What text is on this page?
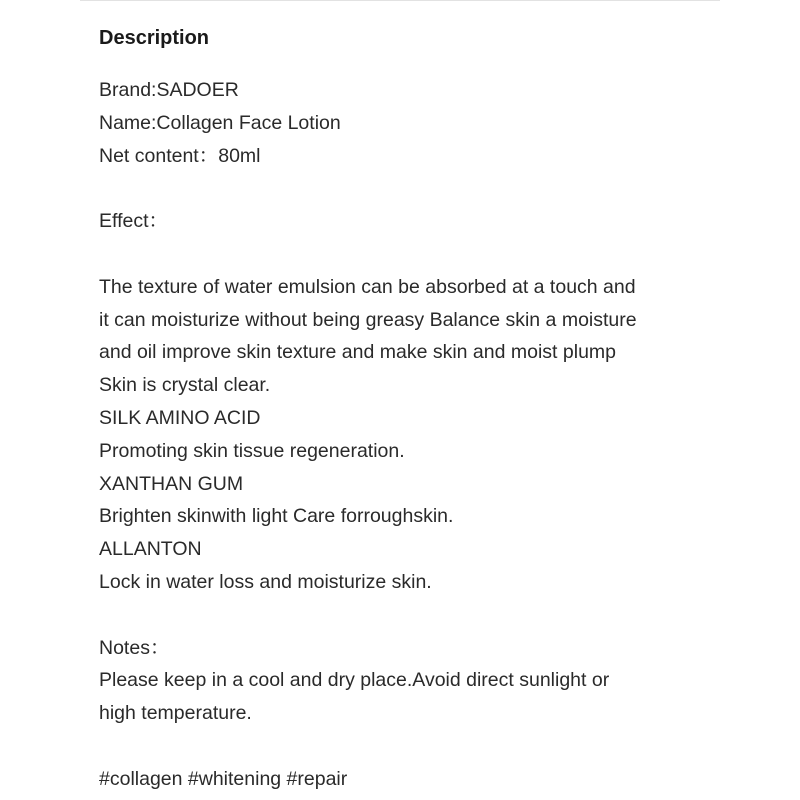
Description
Brand:SADOER
Name:Collagen Face Lotion
Net content：80ml
Effect：
The texture of water emulsion can be absorbed at a touch and
it can moisturize without being greasy Balance skin a moisture
and oil improve skin texture and make skin and moist plump
Skin is crystal clear.
SILK AMINO ACID
Promoting skin tissue regeneration.
XANTHAN GUM
Brighten skinwith light Care forroughskin.
ALLANTON
Lock in water loss and moisturize skin.
Notes：
Please keep in a cool and dry place.Avoid direct sunlight or
high temperature.
#collagen #whitening #repair
